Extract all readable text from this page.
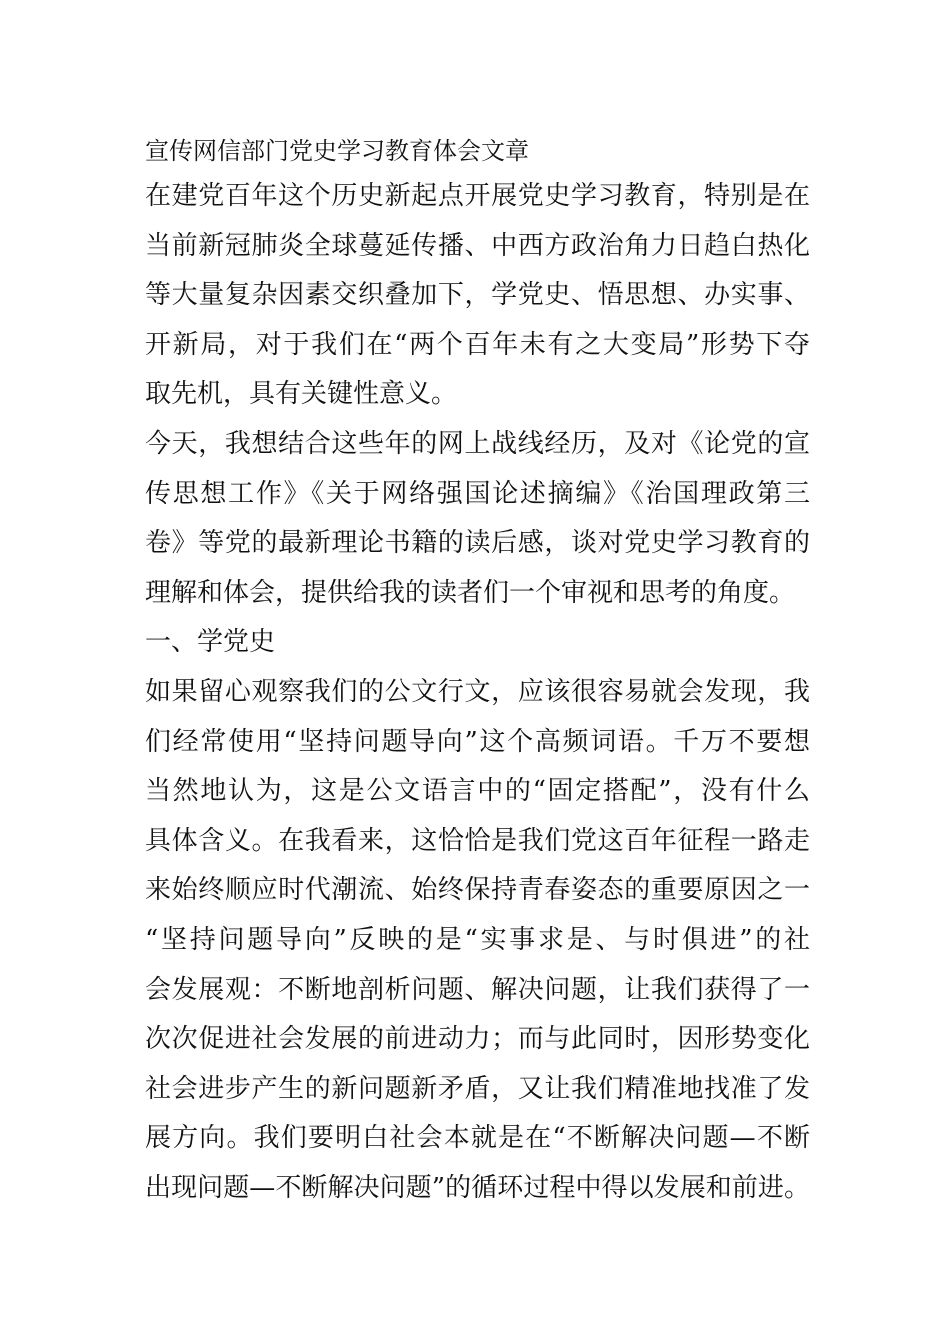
宣传网信部门党史学习教育体会文章
在建党百年这个历史新起点开展党史学习教育，特别是在
当前新冠肺炎全球蔓延传播、中西方政治角力日趋白热化
等大量复杂因素交织叠加下，学党史、悟思想、办实事、
开新局，对于我们在“两个百年未有之大变局”形势下夺
取先机，具有关键性意义。
今天，我想结合这些年的网上战线经历，及对《论党的宣
传思想工作》《关于网络强国论述摘编》《治国理政第三
卷》等党的最新理论书籍的读后感，谈对党史学习教育的
理解和体会，提供给我的读者们一个审视和思考的角度。
一、学党史
如果留心观察我们的公文行文，应该很容易就会发现，我
们经常使用“坚持问题导向”这个高频词语。千万不要想
当然地认为，这是公文语言中的“固定搭配”，没有什么
具体含义。在我看来，这恰恰是我们党这百年征程一路走
来始终顺应时代潮流、始终保持青春姿态的重要原因之一
“坚持问题导向”反映的是“实事求是、与时俱进”的社
会发展观：不断地剖析问题、解决问题，让我们获得了一
次次促进社会发展的前进动力；而与此同时，因形势变化
社会进步产生的新问题新矛盾，又让我们精准地找准了发
展方向。我们要明白社会本就是在“不断解决问题—不断
出现问题—不断解决问题”的循环过程中得以发展和前进。
